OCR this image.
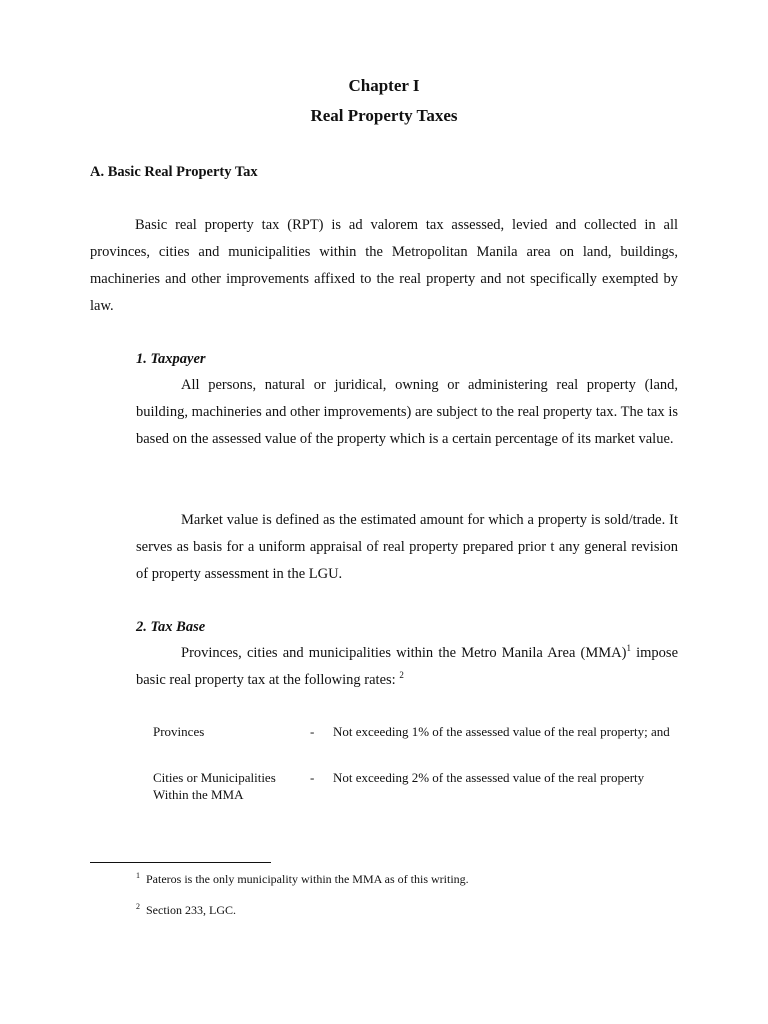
Chapter I
Real Property Taxes
A. Basic Real Property Tax
Basic real property tax (RPT) is ad valorem tax assessed, levied and collected in all provinces, cities and municipalities within the Metropolitan Manila area on land, buildings, machineries and other improvements affixed to the real property and not specifically exempted by law.
1. Taxpayer
All persons, natural or juridical, owning or administering real property (land, building, machineries and other improvements) are subject to the real property tax. The tax is based on the assessed value of the property which is a certain percentage of its market value.
Market value is defined as the estimated amount for which a property is sold/trade. It serves as basis for a uniform appraisal of real property prepared prior t any general revision of property assessment in the LGU.
2. Tax Base
Provinces, cities and municipalities within the Metro Manila Area (MMA)$^1$ impose basic real property tax at the following rates: $^2$
Provinces	- Not exceeding 1% of the assessed value of the real property; and
Cities or Municipalities Within the MMA
- Not exceeding 2% of the assessed value of the real property
$^1$ Pateros is the only municipality within the MMA as of this writing.
$^2$ Section 233, LGC.
